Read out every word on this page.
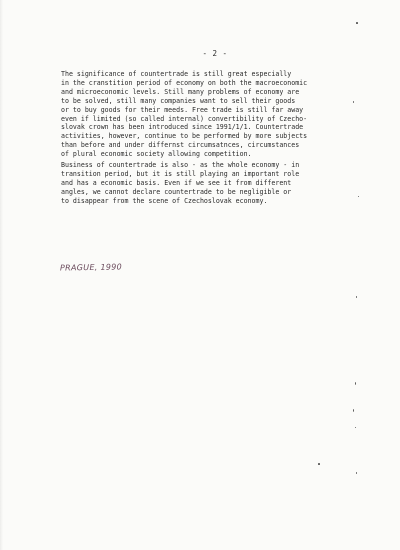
- 2 -

The significance of countertrade is still great especially
in the cranstition period of economy on both the macroeconomic
and microeconomic levels. Still many problems of economy are
to be solved, still many companies want to sell their goods
or to buy goods for their meeds. Free trade is still far away
even if limited (so called internal) convertibility of Czecho-
slovak crown has been introduced since 1991/1/1. Countertrade
activities, however, continue to be performed by more subjects
than before and under differnst circumsatnces, circumstances
of plural economic society allowing competition.

Business of countertrade is also - as the whole economy - in
transition period, but it is still playing an important role
and has a economic basis. Even if we see it from different
angles, we cannot declare countertrade to be negligible or
to disappear from the scene of Czechoslovak economy.

PRAGUE, 1990
